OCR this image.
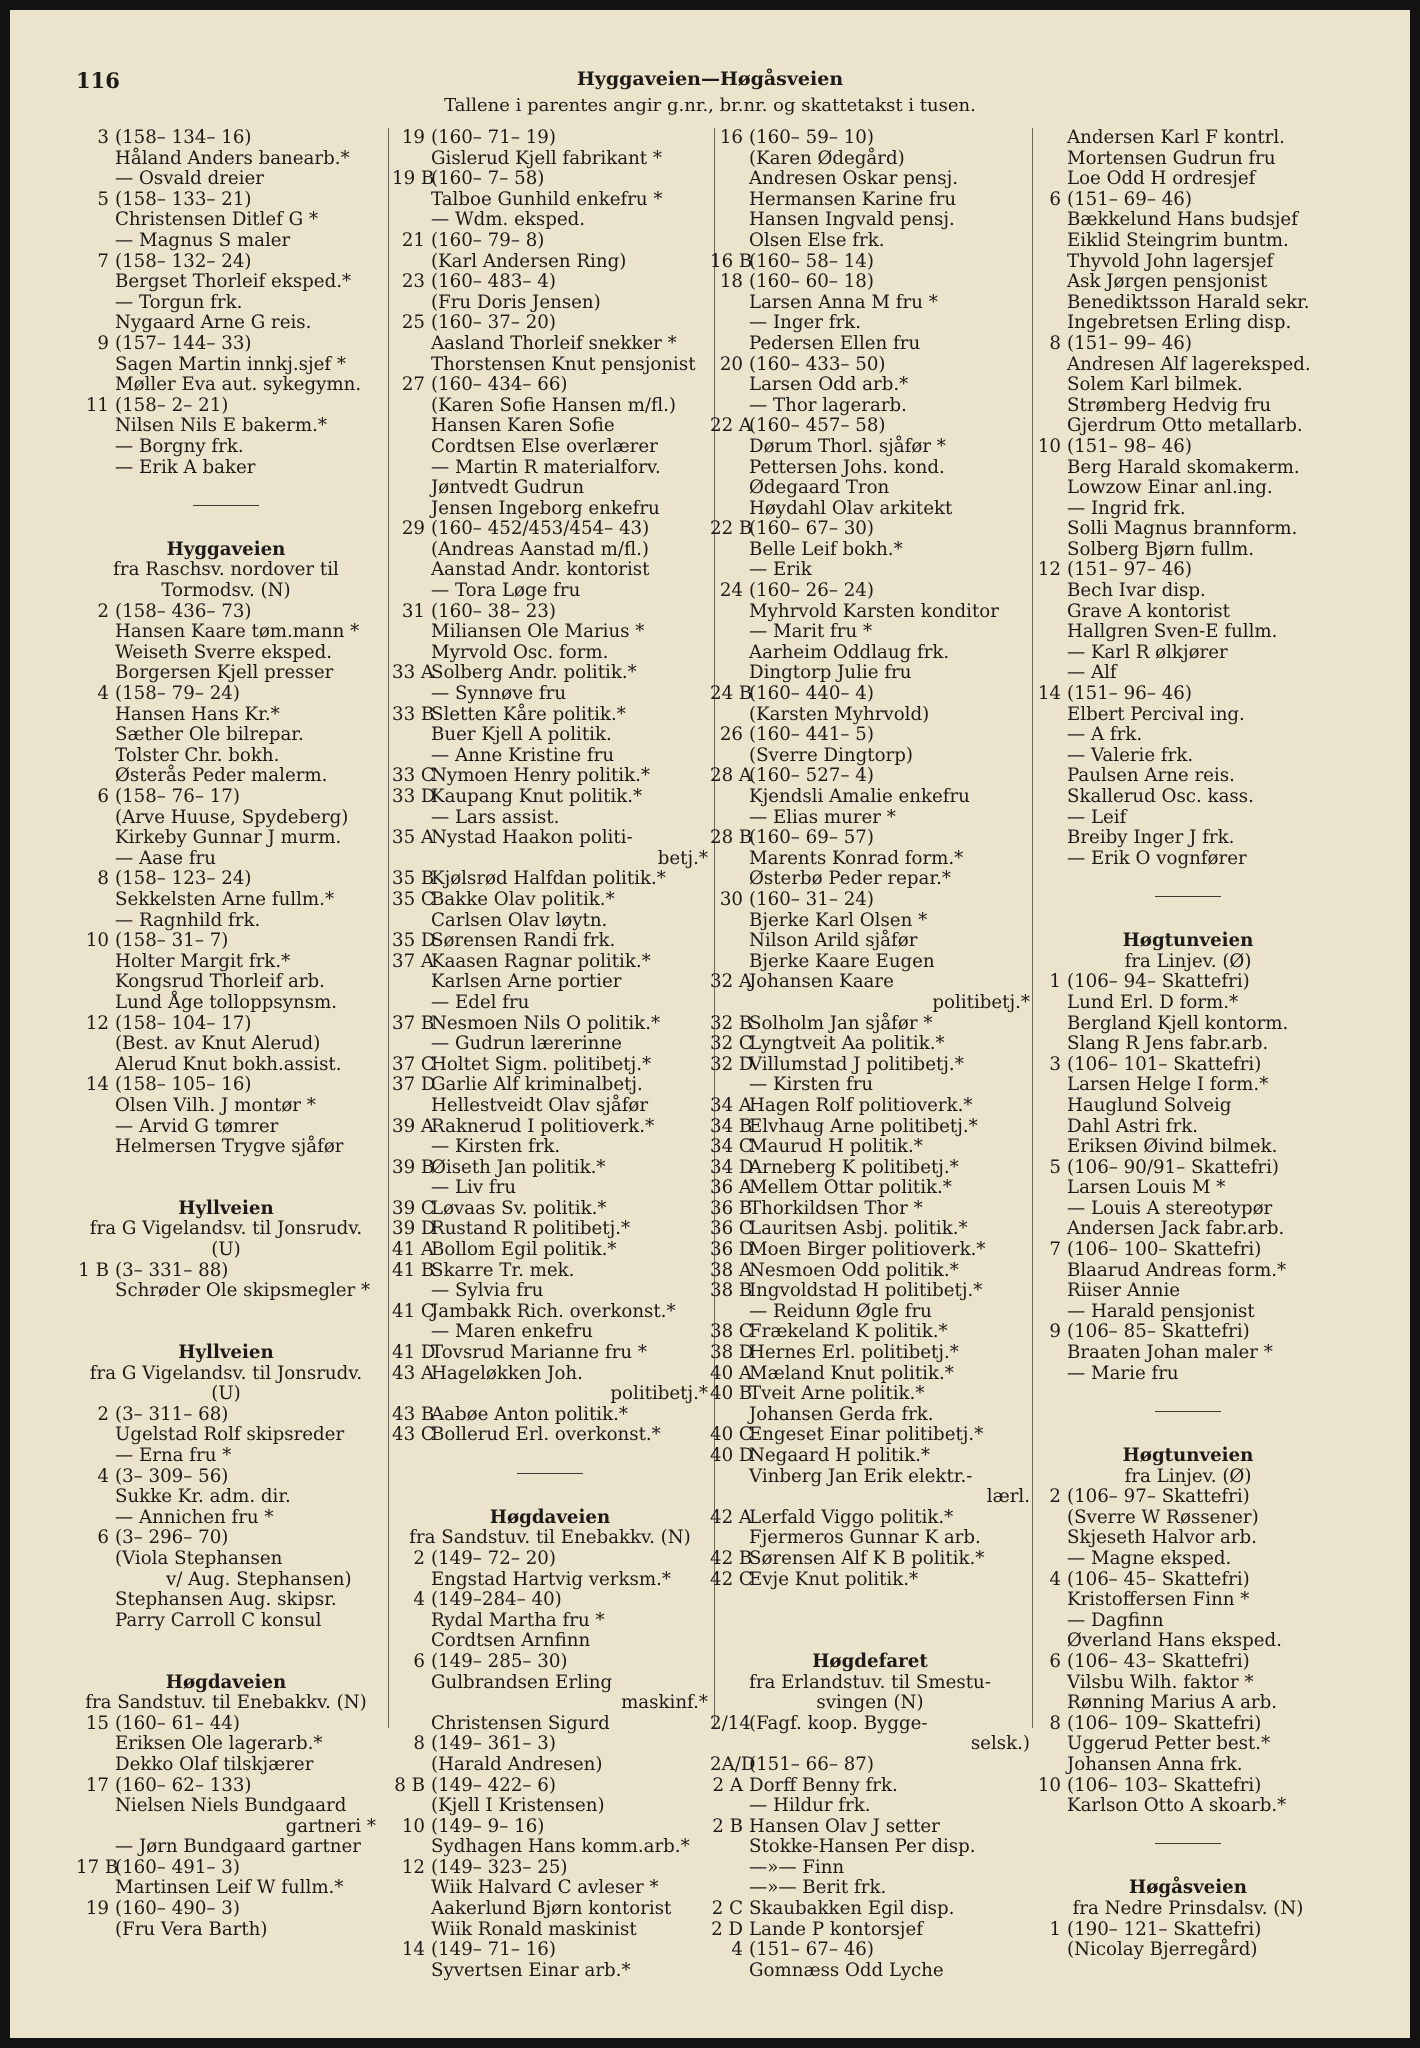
116	Hyggaveien—Høgåsveien
Tallene i parentes angir g.nr., br.nr. og skattetakst i tusen.
3 (158– 134– 16)
Håland Anders banearb.*
— Osvald dreier
5 (158– 133– 21)
Christensen Ditlef G *
— Magnus S maler
7 (158– 132– 24)
Bergset Thorleif eksped.*
— Torgun frk.
Nygaard Arne G reis.
9 (157– 144– 33)
Sagen Martin innkj.sjef *
Møller Eva aut. sykegymn.
11 (158– 2– 21)
Nilsen Nils E bakerm.*
— Borgny frk.
— Erik A baker
Hyggaveien
fra Raschsv. nordover til
Tormodsv. (N)
2 (158– 436– 73)
Hansen Kaare tøm.mann *
Weiseth Sverre eksped.
Borgersen Kjell presser
4 (158– 79– 24)
Hansen Hans Kr.*
Sæther Ole bilrepar.
Tolster Chr. bokh.
Østerås Peder malerm.
6 (158– 76– 17)
(Arve Huuse, Spydeberg)
Kirkeby Gunnar J murm.
— Aase fru
8 (158– 123– 24)
Sekkelsten Arne fullm.*
— Ragnhild frk.
10 (158– 31– 7)
Holter Margit frk.*
Kongsrud Thorleif arb.
Lund Åge tolloppsynsm.
12 (158– 104– 17)
(Best. av Knut Alerud)
Alerud Knut bokh.assist.
14 (158– 105– 16)
Olsen Vilh. J montør *
— Arvid G tømrer
Helmersen Trygve sjåfør
Hyllveien
fra G Vigelandsv. til Jonsrudv.
(U)
1 B (3– 331– 88)
Schrøder Ole skipsmegler *
Hyllveien
fra G Vigelandsv. til Jonsrudv.
(U)
2 (3– 311– 68)
Ugelstad Rolf skipsreder
— Erna fru *
4 (3– 309– 56)
Sukke Kr. adm. dir.
— Annichen fru *
6 (3– 296– 70)
(Viola Stephansen
v/ Aug. Stephansen)
Stephansen Aug. skipsr.
Parry Carroll C konsul
Høgdaveien
fra Sandstuv. til Enebakkv. (N)
15 (160– 61– 44)
Eriksen Ole lagerarb.*
Dekko Olaf tilskjærer
17 (160– 62– 133)
Nielsen Niels Bundgaard
gartneri *
— Jørn Bundgaard gartner
17 B
(160– 491– 3)
Martinsen Leif W fullm.*
19 (160– 490– 3)
(Fru Vera Barth)
19 (160– 71– 19)
Gislerud Kjell fabrikant *
19 B
(160– 7– 58)
Talboe Gunhild enkefru *
— Wdm. eksped.
21 (160– 79– 8)
(Karl Andersen Ring)
23 (160– 483– 4)
(Fru Doris Jensen)
25 (160– 37– 20)
Aasland Thorleif snekker *
Thorstensen Knut pensjonist
27 (160– 434– 66)
(Karen Sofie Hansen m/fl.)
Hansen Karen Sofie
Cordtsen Else overlærer
— Martin R materialforv.
Jøntvedt Gudrun
Jensen Ingeborg enkefru
29 (160– 452/453/454– 43)
(Andreas Aanstad m/fl.)
Aanstad Andr. kontorist
— Tora Løge fru
31 (160– 38– 23)
Miliansen Ole Marius *
Myrvold Osc. form.
33 A
Solberg Andr. politik.*
— Synnøve fru
33 B
Sletten Kåre politik.*
Buer Kjell A politik.
— Anne Kristine fru
33 C
Nymoen Henry politik.*
33 D
Kaupang Knut politik.*
— Lars assist.
35 A
Nystad Haakon politi-
betj.*
35 B
Kjølsrød Halfdan politik.*
35 C
Bakke Olav politik.*
Carlsen Olav løytn.
35 D
Sørensen Randi frk.
37 A
Kaasen Ragnar politik.*
Karlsen Arne portier
— Edel fru
37 B
Nesmoen Nils O politik.*
— Gudrun lærerinne
37 C
Holtet Sigm. politibetj.*
37 D
Garlie Alf kriminalbetj.
Hellestveidt Olav sjåfør
39 A
Raknerud I politioverk.*
— Kirsten frk.
39 B
Øiseth Jan politik.*
— Liv fru
39 C
Løvaas Sv. politik.*
39 D
Rustand R politibetj.*
41 A
Bollom Egil politik.*
41 B
Skarre Tr. mek.
— Sylvia fru
41 C
Jambakk Rich. overkonst.*
— Maren enkefru
41 D
Tovsrud Marianne fru *
43 A
Hageløkken Joh.
politibetj.*
43 B
Aabøe Anton politik.*
43 C
Bollerud Erl. overkonst.*
Høgdaveien
fra Sandstuv. til Enebakkv. (N)
2 (149– 72– 20)
Engstad Hartvig verksm.*
4 (149–284– 40)
Rydal Martha fru *
Cordtsen Arnfinn
6 (149– 285– 30)
Gulbrandsen Erling
maskinf.*
Christensen Sigurd
8 (149– 361– 3)
(Harald Andresen)
8 B (149– 422– 6)
(Kjell I Kristensen)
10 (149– 9– 16)
Sydhagen Hans komm.arb.*
12 (149– 323– 25)
Wiik Halvard C avleser *
Aakerlund Bjørn kontorist
Wiik Ronald maskinist
14 (149– 71– 16)
Syvertsen Einar arb.*
16 (160– 59– 10)
(Karen Ødegård)
Andresen Oskar pensj.
Hermansen Karine fru
Hansen Ingvald pensj.
Olsen Else frk.
16 B
(160– 58– 14)
18 (160– 60– 18)
Larsen Anna M fru *
— Inger frk.
Pedersen Ellen fru
20 (160– 433– 50)
Larsen Odd arb.*
— Thor lagerarb.
22 A
(160– 457– 58)
Dørum Thorl. sjåfør *
Pettersen Johs. kond.
Ødegaard Tron
Høydahl Olav arkitekt
22 B
(160– 67– 30)
Belle Leif bokh.*
— Erik
24 (160– 26– 24)
Myhrvold Karsten konditor
— Marit fru *
Aarheim Oddlaug frk.
Dingtorp Julie fru
24 B
(160– 440– 4)
(Karsten Myhrvold)
26 (160– 441– 5)
(Sverre Dingtorp)
28 A
(160– 527– 4)
Kjendsli Amalie enkefru
— Elias murer *
28 B
(160– 69– 57)
Marents Konrad form.*
Østerbø Peder repar.*
30 (160– 31– 24)
Bjerke Karl Olsen *
Nilson Arild sjåfør
Bjerke Kaare Eugen
32 A
Johansen Kaare
politibetj.*
32 B
Solholm Jan sjåfør *
32 C
Lyngtveit Aa politik.*
32 D
Villumstad J politibetj.*
— Kirsten fru
34 A
Hagen Rolf politioverk.*
34 B
Elvhaug Arne politibetj.*
34 C
Maurud H politik.*
34 D
Arneberg K politibetj.*
36 A
Mellem Ottar politik.*
36 B
Thorkildsen Thor *
36 C
Lauritsen Asbj. politik.*
36 D
Moen Birger politioverk.*
38 A
Nesmoen Odd politik.*
38 B
Ingvoldstad H politibetj.*
— Reidunn Øgle fru
38 C
Frækeland K politik.*
38 D
Hernes Erl. politibetj.*
40 A
Mæland Knut politik.*
40 B
Tveit Arne politik.*
Johansen Gerda frk.
40 C
Engeset Einar politibetj.*
40 D
Negaard H politik.*
Vinberg Jan Erik elektr.-
lærl.
42 A
Lerfald Viggo politik.*
Fjermeros Gunnar K arb.
42 B
Sørensen Alf K B politik.*
42 C
Evje Knut politik.*
Høgdefaret
fra Erlandstuv. til Smestu-
svingen (N)
2/14
(Fagf. koop. Bygge-
selsk.)
2A/D
(151– 66– 87)
2 A Dorff Benny frk.
— Hildur frk.
2 B Hansen Olav J setter
Stokke-Hansen Per disp.
—»— Finn
—»— Berit frk.
2 C Skaubakken Egil disp.
2 D Lande P kontorsjef
4 (151– 67– 46)
Gomnæss Odd Lyche
Andersen Karl F kontrl.
Mortensen Gudrun fru
Loe Odd H ordresjef
6 (151– 69– 46)
Bækkelund Hans budsjef
Eiklid Steingrim buntm.
Thyvold John lagersjef
Ask Jørgen pensjonist
Benediktsson Harald sekr.
Ingebretsen Erling disp.
8 (151– 99– 46)
Andresen Alf lagereksped.
Solem Karl bilmek.
Strømberg Hedvig fru
Gjerdrum Otto metallarb.
10 (151– 98– 46)
Berg Harald skomakerm.
Lowzow Einar anl.ing.
— Ingrid frk.
Solli Magnus brannform.
Solberg Bjørn fullm.
12 (151– 97– 46)
Bech Ivar disp.
Grave A kontorist
Hallgren Sven-E fullm.
— Karl R ølkjører
— Alf
14 (151– 96– 46)
Elbert Percival ing.
— A frk.
— Valerie frk.
Paulsen Arne reis.
Skallerud Osc. kass.
— Leif
Breiby Inger J frk.
— Erik O vognfører
Høgtunveien
fra Linjev. (Ø)
1 (106– 94– Skattefri)
Lund Erl. D form.*
Bergland Kjell kontorm.
Slang R Jens fabr.arb.
3 (106– 101– Skattefri)
Larsen Helge I form.*
Hauglund Solveig
Dahl Astri frk.
Eriksen Øivind bilmek.
5 (106– 90/91– Skattefri)
Larsen Louis M *
— Louis A stereotypør
Andersen Jack fabr.arb.
7 (106– 100– Skattefri)
Blaarud Andreas form.*
Riiser Annie
— Harald pensjonist
9 (106– 85– Skattefri)
Braaten Johan maler *
— Marie fru
Høgtunveien
fra Linjev. (Ø)
2 (106– 97– Skattefri)
(Sverre W Røssener)
Skjeseth Halvor arb.
— Magne eksped.
4 (106– 45– Skattefri)
Kristoffersen Finn *
— Dagfinn
Øverland Hans eksped.
6 (106– 43– Skattefri)
Vilsbu Wilh. faktor *
Rønning Marius A arb.
8 (106– 109– Skattefri)
Uggerud Petter best.*
Johansen Anna frk.
10 (106– 103– Skattefri)
Karlson Otto A skoarb.*
Høgåsveien
fra Nedre Prinsdalsv. (N)
1 (190– 121– Skattefri)
(Nicolay Bjerregård)
